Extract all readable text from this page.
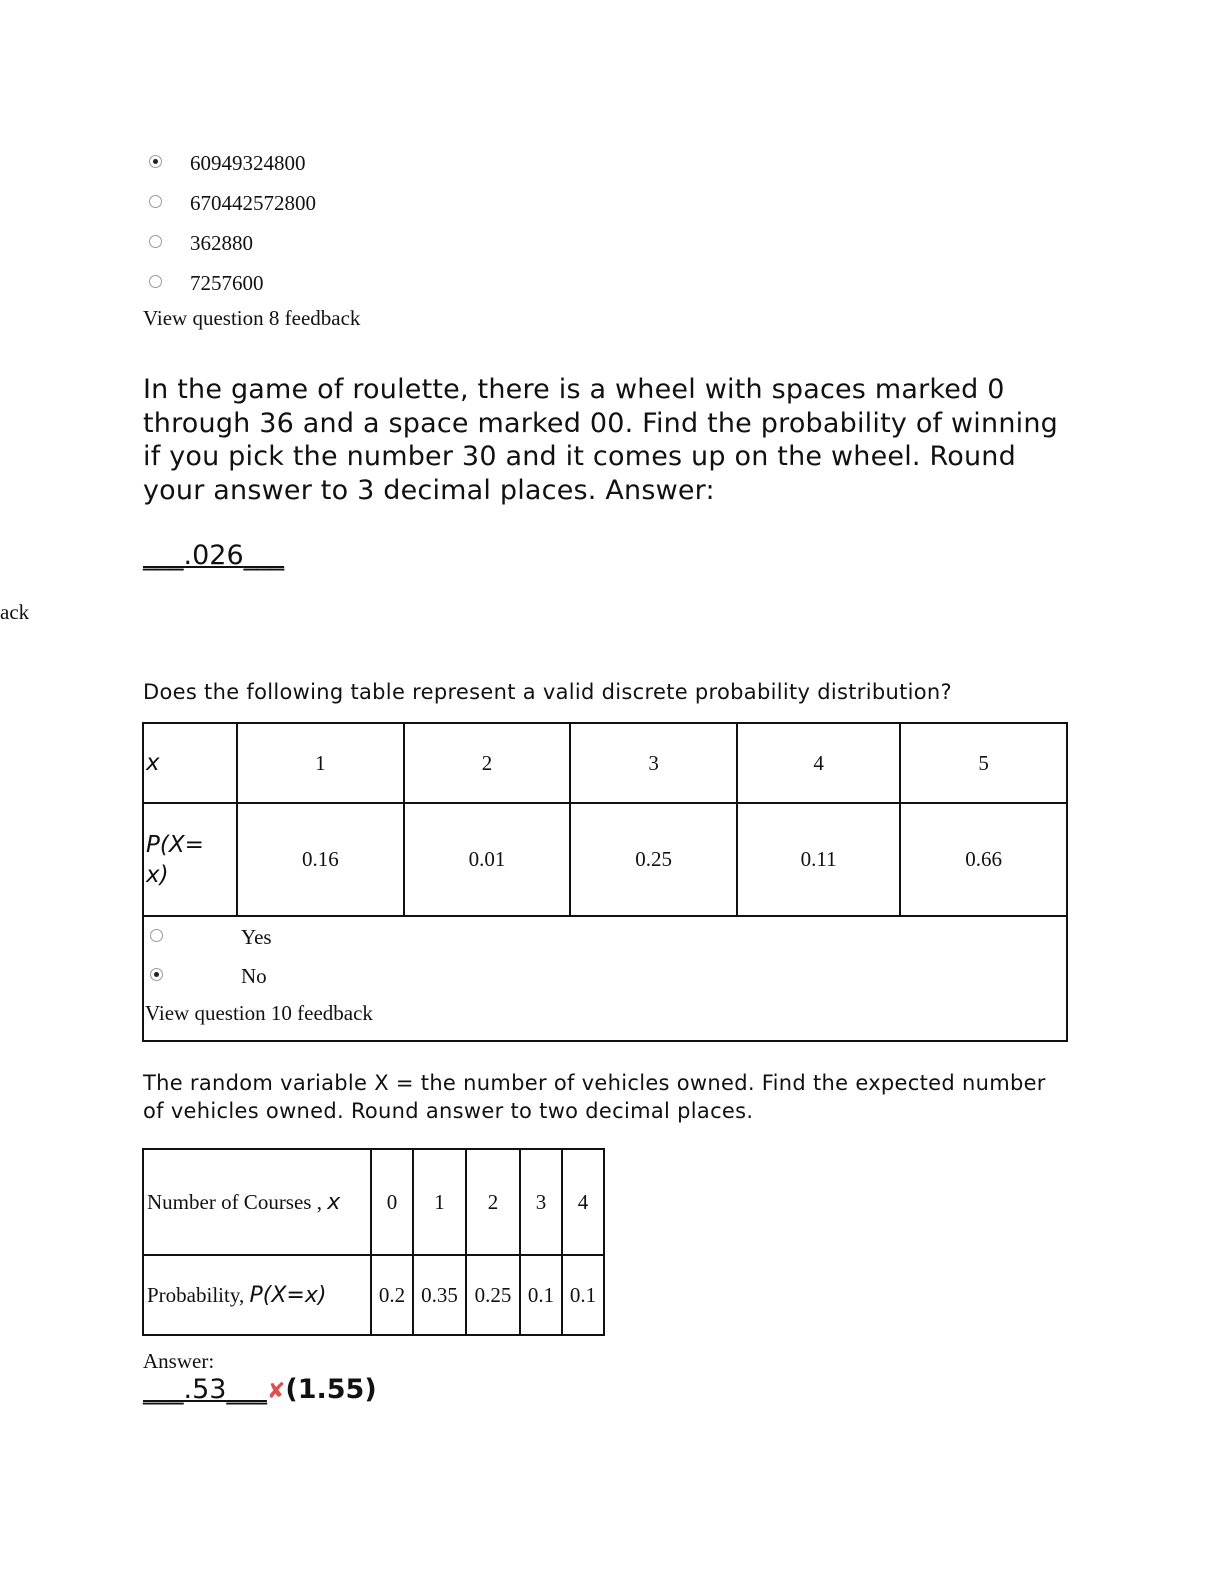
60949324800
670442572800
362880
7257600
View question 8 feedback
In the game of roulette, there is a wheel with spaces marked 0 through 36 and a space marked 00. Find the probability of winning if you pick the number 30 and it comes up on the wheel. Round your answer to 3 decimal places. Answer:
___.026___
ack
Does the following table represent a valid discrete probability distribution?
x	1	2	3	4	5
P(X=
x)	0.16	0.01	0.25	0.11	0.66

Yes
No
View question 10 feedback					
The random variable X = the number of vehicles owned. Find the expected number of vehicles owned. Round answer to two decimal places.
Number of Courses , x	0	1	2	3	4
Probability, P(X=x)	0.2	0.35	0.25	0.1	0.1
Answer:
___.53___✘(1.55)
